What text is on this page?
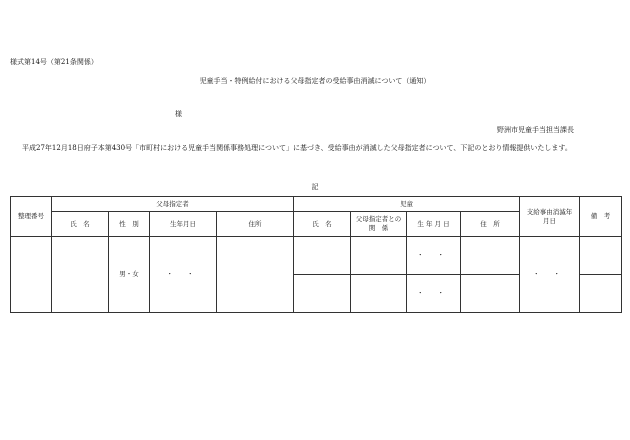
様式第14号（第21条関係）
児童手当・特例給付における父母指定者の受給事由消滅について（通知）
様
野洲市児童手当担当課長
平成27年12月18日府子本第430号「市町村における児童手当関係事務処理について」に基づき、受給事由が消滅した父母指定者について、下記のとおり情報提供いたします。
記
整理番号	父母指定者				児童				支給事由消滅年月日	備　考
	氏　名	性　別	生年月日	住所	氏　名	父母指定者との　関　係	生 年 月 日	住　所		
		男・女	・ ・				・ ・		・ ・	
							・ ・			
